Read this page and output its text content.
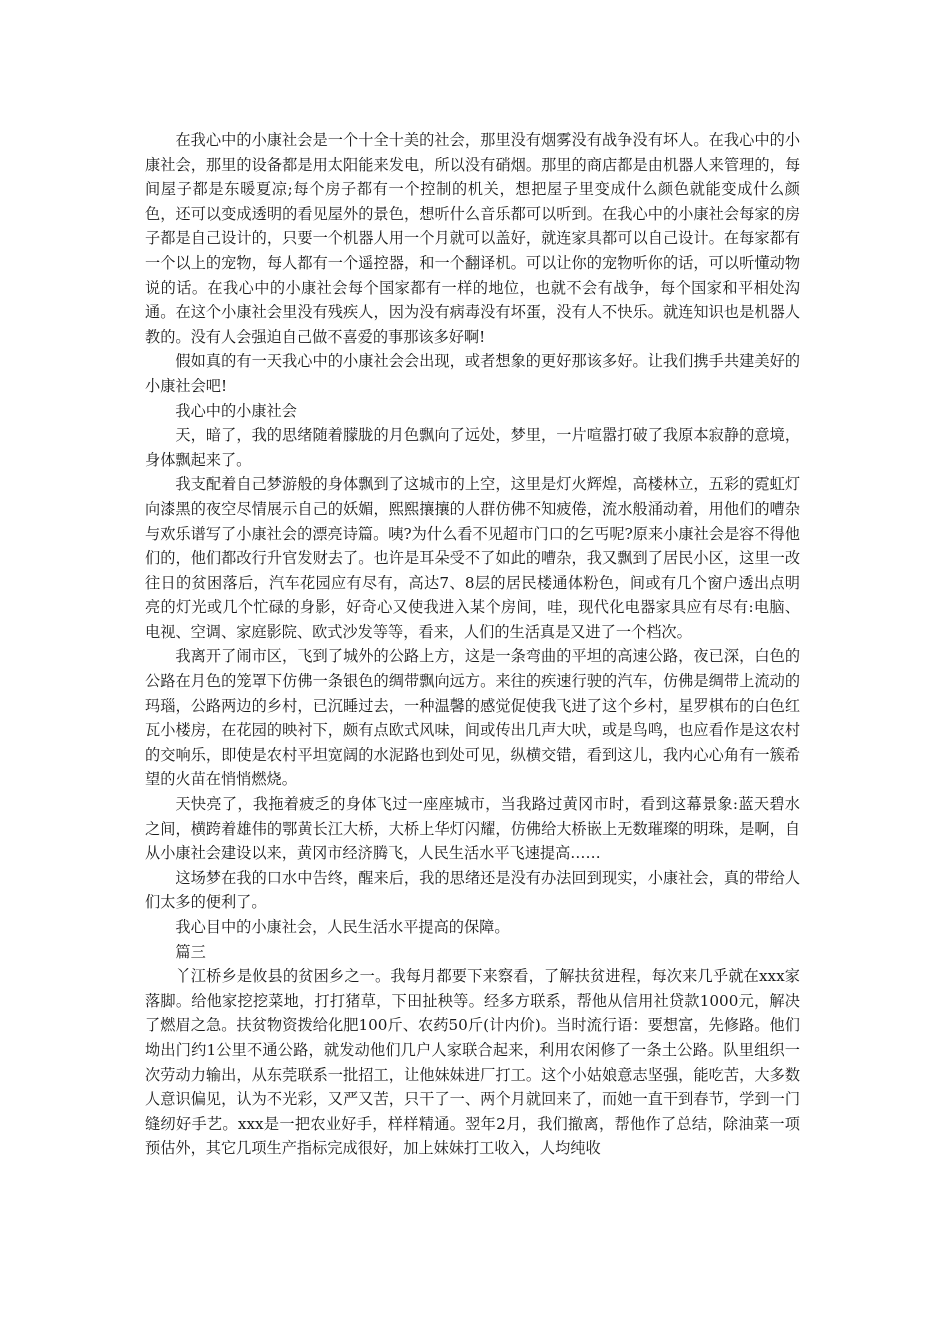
在我心中的小康社会是一个十全十美的社会，那里没有烟雾没有战争没有坏人。在我心中的小康社会，那里的设备都是用太阳能来发电，所以没有硝烟。那里的商店都是由机器人来管理的，每间屋子都是东暖夏凉;每个房子都有一个控制的机关，想把屋子里变成什么颜色就能变成什么颜色，还可以变成透明的看见屋外的景色，想听什么音乐都可以听到。在我心中的小康社会每家的房子都是自己设计的，只要一个机器人用一个月就可以盖好，就连家具都可以自己设计。在每家都有一个以上的宠物，每人都有一个遥控器，和一个翻译机。可以让你的宠物听你的话，可以听懂动物说的话。在我心中的小康社会每个国家都有一样的地位，也就不会有战争，每个国家和平相处沟通。在这个小康社会里没有残疾人，因为没有病毒没有坏蛋，没有人不快乐。就连知识也是机器人教的。没有人会强迫自己做不喜爱的事那该多好啊!

假如真的有一天我心中的小康社会会出现，或者想象的更好那该多好。让我们携手共建美好的小康社会吧!

我心中的小康社会

天，暗了，我的思绪随着朦胧的月色飘向了远处，梦里，一片喧嚣打破了我原本寂静的意境，身体飘起来了。

我支配着自己梦游般的身体飘到了这城市的上空，这里是灯火辉煌，高楼林立，五彩的霓虹灯向漆黑的夜空尽情展示自己的妖媚，熙熙攘攘的人群仿佛不知疲倦，流水般涌动着，用他们的嘈杂与欢乐谱写了小康社会的漂亮诗篇。咦?为什么看不见超市门口的乞丐呢?原来小康社会是容不得他们的，他们都改行升官发财去了。也许是耳朵受不了如此的嘈杂，我又飘到了居民小区，这里一改往日的贫困落后，汽车花园应有尽有，高达7、8层的居民楼通体粉色，间或有几个窗户透出点明亮的灯光或几个忙碌的身影，好奇心又使我进入某个房间，哇，现代化电器家具应有尽有:电脑、电视、空调、家庭影院、欧式沙发等等，看来，人们的生活真是又进了一个档次。

我离开了闹市区，飞到了城外的公路上方，这是一条弯曲的平坦的高速公路，夜已深，白色的公路在月色的笼罩下仿佛一条银色的绸带飘向远方。来往的疾速行驶的汽车，仿佛是绸带上流动的玛瑙，公路两边的乡村，已沉睡过去，一种温馨的感觉促使我飞进了这个乡村，星罗棋布的白色红瓦小楼房，在花园的映衬下，颇有点欧式风味，间或传出几声大吠，或是鸟鸣，也应看作是这农村的交响乐，即使是农村平坦宽阔的水泥路也到处可见，纵横交错，看到这儿，我内心心角有一簇希望的火苗在悄悄燃烧。

天快亮了，我拖着疲乏的身体飞过一座座城市，当我路过黄冈市时，看到这幕景象:蓝天碧水之间，横跨着雄伟的鄂黄长江大桥，大桥上华灯闪耀，仿佛给大桥嵌上无数璀璨的明珠，是啊，自从小康社会建设以来，黄冈市经济腾飞，人民生活水平飞速提高……

这场梦在我的口水中告终，醒来后，我的思绪还是没有办法回到现实，小康社会，真的带给人们太多的便利了。

我心目中的小康社会，人民生活水平提高的保障。

篇三

丫江桥乡是攸县的贫困乡之一。我每月都要下来察看，了解扶贫进程，每次来几乎就在xxx家落脚。给他家挖挖菜地，打打猪草，下田扯秧等。经多方联系，帮他从信用社贷款1000元，解决了燃眉之急。扶贫物资拨给化肥100斤、农药50斤(计内价)。当时流行语：要想富，先修路。他们坳出门约1公里不通公路，就发动他们几户人家联合起来，利用农闲修了一条土公路。队里组织一次劳动力输出，从东莞联系一批招工，让他妹妹进厂打工。这个小姑娘意志坚强，能吃苦，大多数人意识偏见，认为不光彩，又严又苦，只干了一、两个月就回来了，而她一直干到春节，学到一门缝纫好手艺。xxx是一把农业好手，样样精通。翌年2月，我们撤离，帮他作了总结，除油菜一项预估外，其它几项生产指标完成很好，加上妹妹打工收入，人均纯收
